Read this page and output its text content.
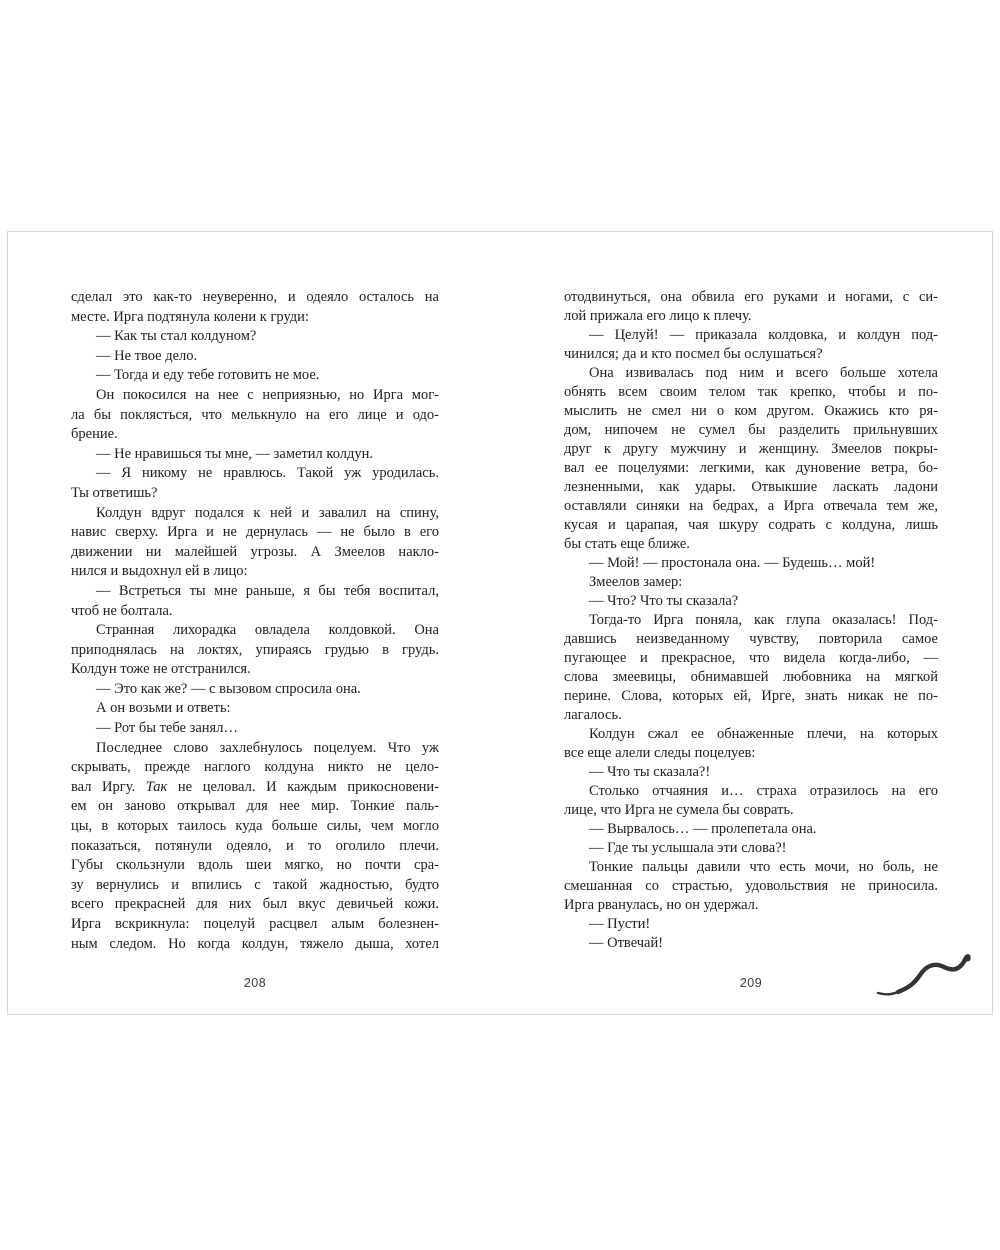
сделал это как-то неуверенно, и одеяло осталось на
месте. Ирга подтянула колени к груди:
— Как ты стал колдуном?
— Не твое дело.
— Тогда и еду тебе готовить не мое.
Он покосился на нее с неприязнью, но Ирга мог-
ла бы поклясться, что мелькнуло на его лице и одо-
брение.
— Не нравишься ты мне, — заметил колдун.
— Я никому не нравлюсь. Такой уж уродилась.
Ты ответишь?
Колдун вдруг подался к ней и завалил на спину,
навис сверху. Ирга и не дернулась — не было в его
движении ни малейшей угрозы. А Змеелов накло-
нился и выдохнул ей в лицо:
— Встреться ты мне раньше, я бы тебя воспитал,
чтоб не болтала.
Странная лихорадка овладела колдовкой. Она
приподнялась на локтях, упираясь грудью в грудь.
Колдун тоже не отстранился.
— Это как же? — с вызовом спросила она.
А он возьми и ответь:
— Рот бы тебе занял…
Последнее слово захлебнулось поцелуем. Что уж
скрывать, прежде наглого колдуна никто не цело-
вал Иргу. Так не целовал. И каждым прикосновени-
ем он заново открывал для нее мир. Тонкие паль-
цы, в которых таилось куда больше силы, чем могло
показаться, потянули одеяло, и то оголило плечи.
Губы скользнули вдоль шеи мягко, но почти сра-
зу вернулись и впились с такой жадностью, будто
всего прекрасней для них был вкус девичьей кожи.
Ирга вскрикнула: поцелуй расцвел алым болезнен-
ным следом. Но когда колдун, тяжело дыша, хотел
отодвинуться, она обвила его руками и ногами, с си-
лой прижала его лицо к плечу.
— Целуй! — приказала колдовка, и колдун под-
чинился; да и кто посмел бы ослушаться?
Она извивалась под ним и всего больше хотела
обнять всем своим телом так крепко, чтобы и по-
мыслить не смел ни о ком другом. Окажись кто ря-
дом, нипочем не сумел бы разделить прильнувших
друг к другу мужчину и женщину. Змеелов покры-
вал ее поцелуями: легкими, как дуновение ветра, бо-
лезненными, как удары. Отвыкшие ласкать ладони
оставляли синяки на бедрах, а Ирга отвечала тем же,
кусая и царапая, чая шкуру содрать с колдуна, лишь
бы стать еще ближе.
— Мой! — простонала она. — Будешь… мой!
Змеелов замер:
— Что? Что ты сказала?
Тогда-то Ирга поняла, как глупа оказалась! Под-
давшись неизведанному чувству, повторила самое
пугающее и прекрасное, что видела когда-либо, —
слова змеевицы, обнимавшей любовника на мягкой
перине. Слова, которых ей, Ирге, знать никак не по-
лагалось.
Колдун сжал ее обнаженные плечи, на которых
все еще алели следы поцелуев:
— Что ты сказала?!
Столько отчаяния и… страха отразилось на его
лице, что Ирга не сумела бы соврать.
— Вырвалось… — пролепетала она.
— Где ты услышала эти слова?!
Тонкие пальцы давили что есть мочи, но боль, не
смешанная со страстью, удовольствия не приносила.
Ирга рванулась, но он удержал.
— Пусти!
— Отвечай!
208	209
